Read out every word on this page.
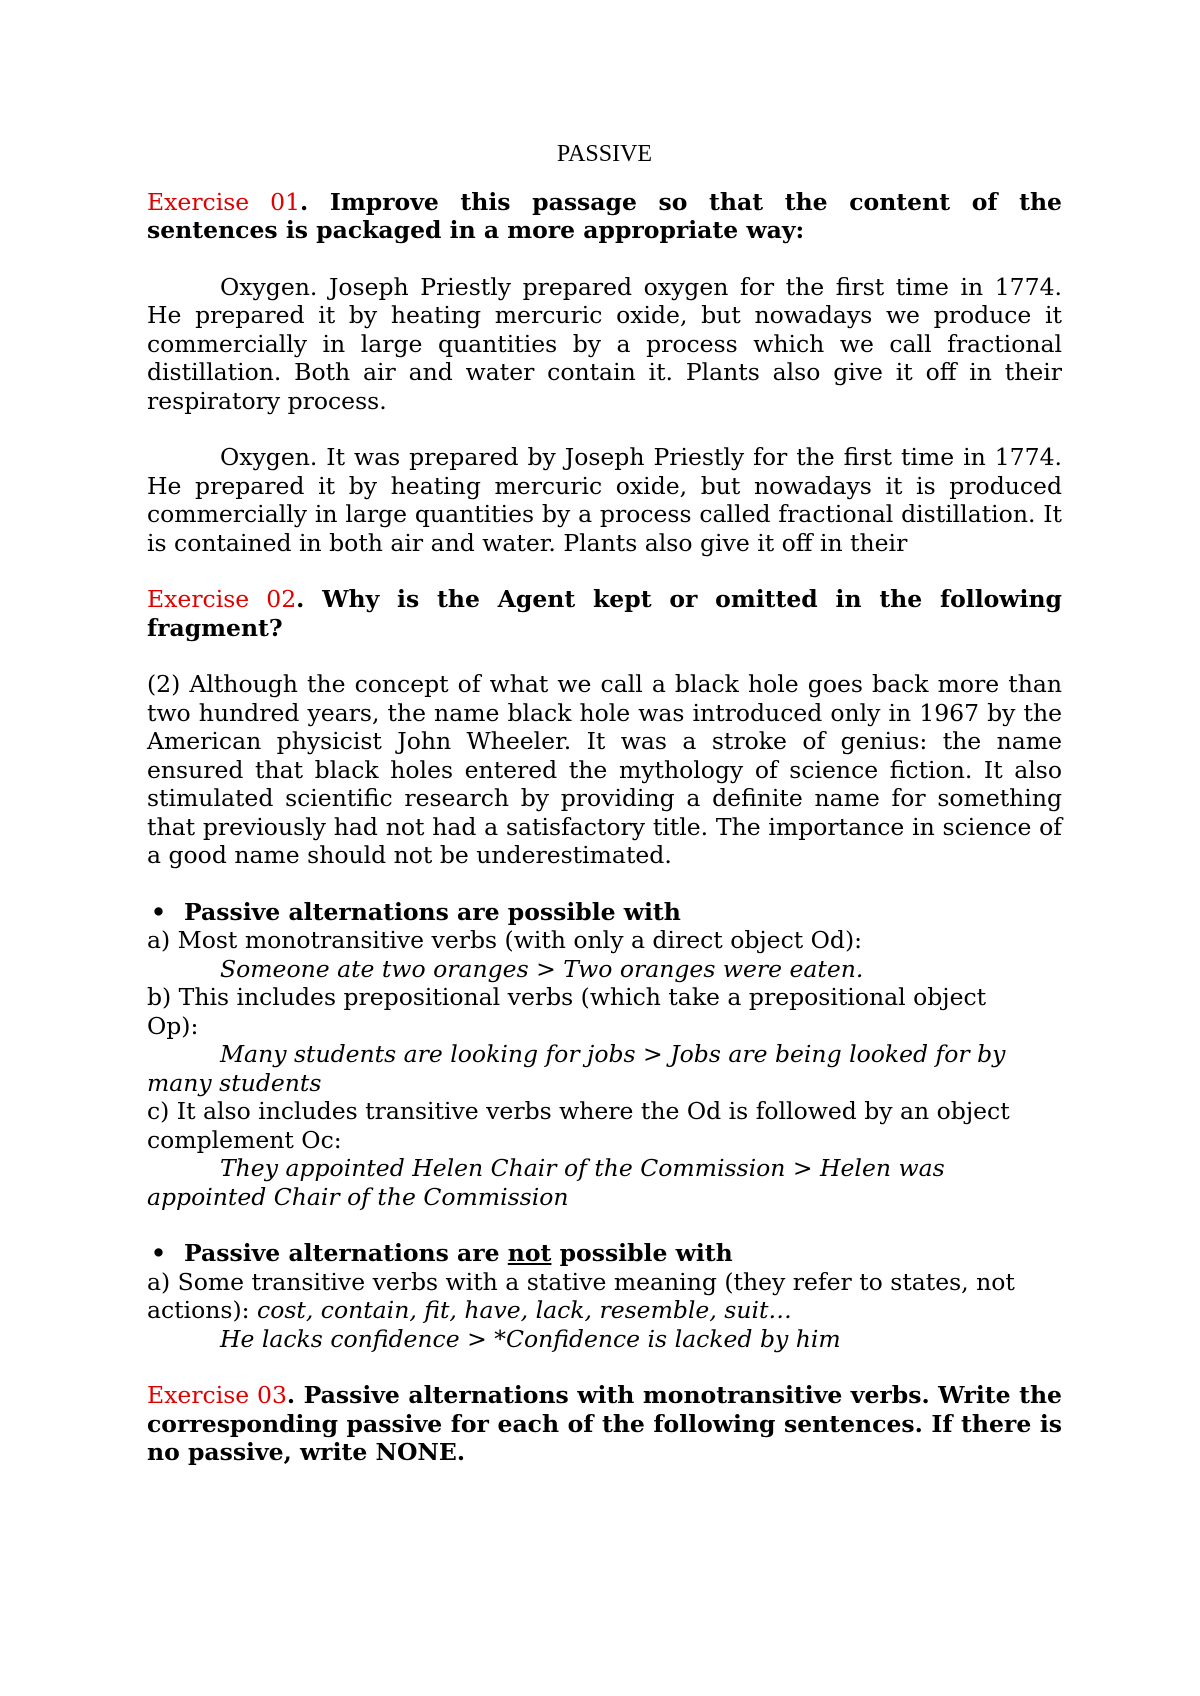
PASSIVE

Exercise 01. Improve this passage so that the content of the sentences is packaged in a more appropriate way:

Oxygen. Joseph Priestly prepared oxygen for the first time in 1774. He prepared it by heating mercuric oxide, but nowadays we produce it commercially in large quantities by a process which we call fractional distillation. Both air and water contain it. Plants also give it off in their respiratory process.

Oxygen. It was prepared by Joseph Priestly for the first time in 1774. He prepared it by heating mercuric oxide, but nowadays it is produced commercially in large quantities by a process called fractional distillation. It is contained in both air and water. Plants also give it off in their

Exercise 02. Why is the Agent kept or omitted in the following fragment?

(2) Although the concept of what we call a black hole goes back more than two hundred years, the name black hole was introduced only in 1967 by the American physicist John Wheeler. It was a stroke of genius: the name ensured that black holes entered the mythology of science fiction. It also stimulated scientific research by providing a definite name for something that previously had not had a satisfactory title. The importance in science of a good name should not be underestimated.

• Passive alternations are possible with

a) Most monotransitive verbs (with only a direct object Od):

Someone ate two oranges > Two oranges were eaten.

b) This includes prepositional verbs (which take a prepositional object

Op):

Many students are looking for jobs > Jobs are being looked for by

many students

c) It also includes transitive verbs where the Od is followed by an object

complement Oc:

They appointed Helen Chair of the Commission > Helen was

appointed Chair of the Commission

• Passive alternations are not possible with

a) Some transitive verbs with a stative meaning (they refer to states, not

actions): cost, contain, fit, have, lack, resemble, suit…

He lacks confidence > *Confidence is lacked by him

Exercise 03. Passive alternations with monotransitive verbs. Write the corresponding passive for each of the following sentences. If there is no passive, write NONE.
